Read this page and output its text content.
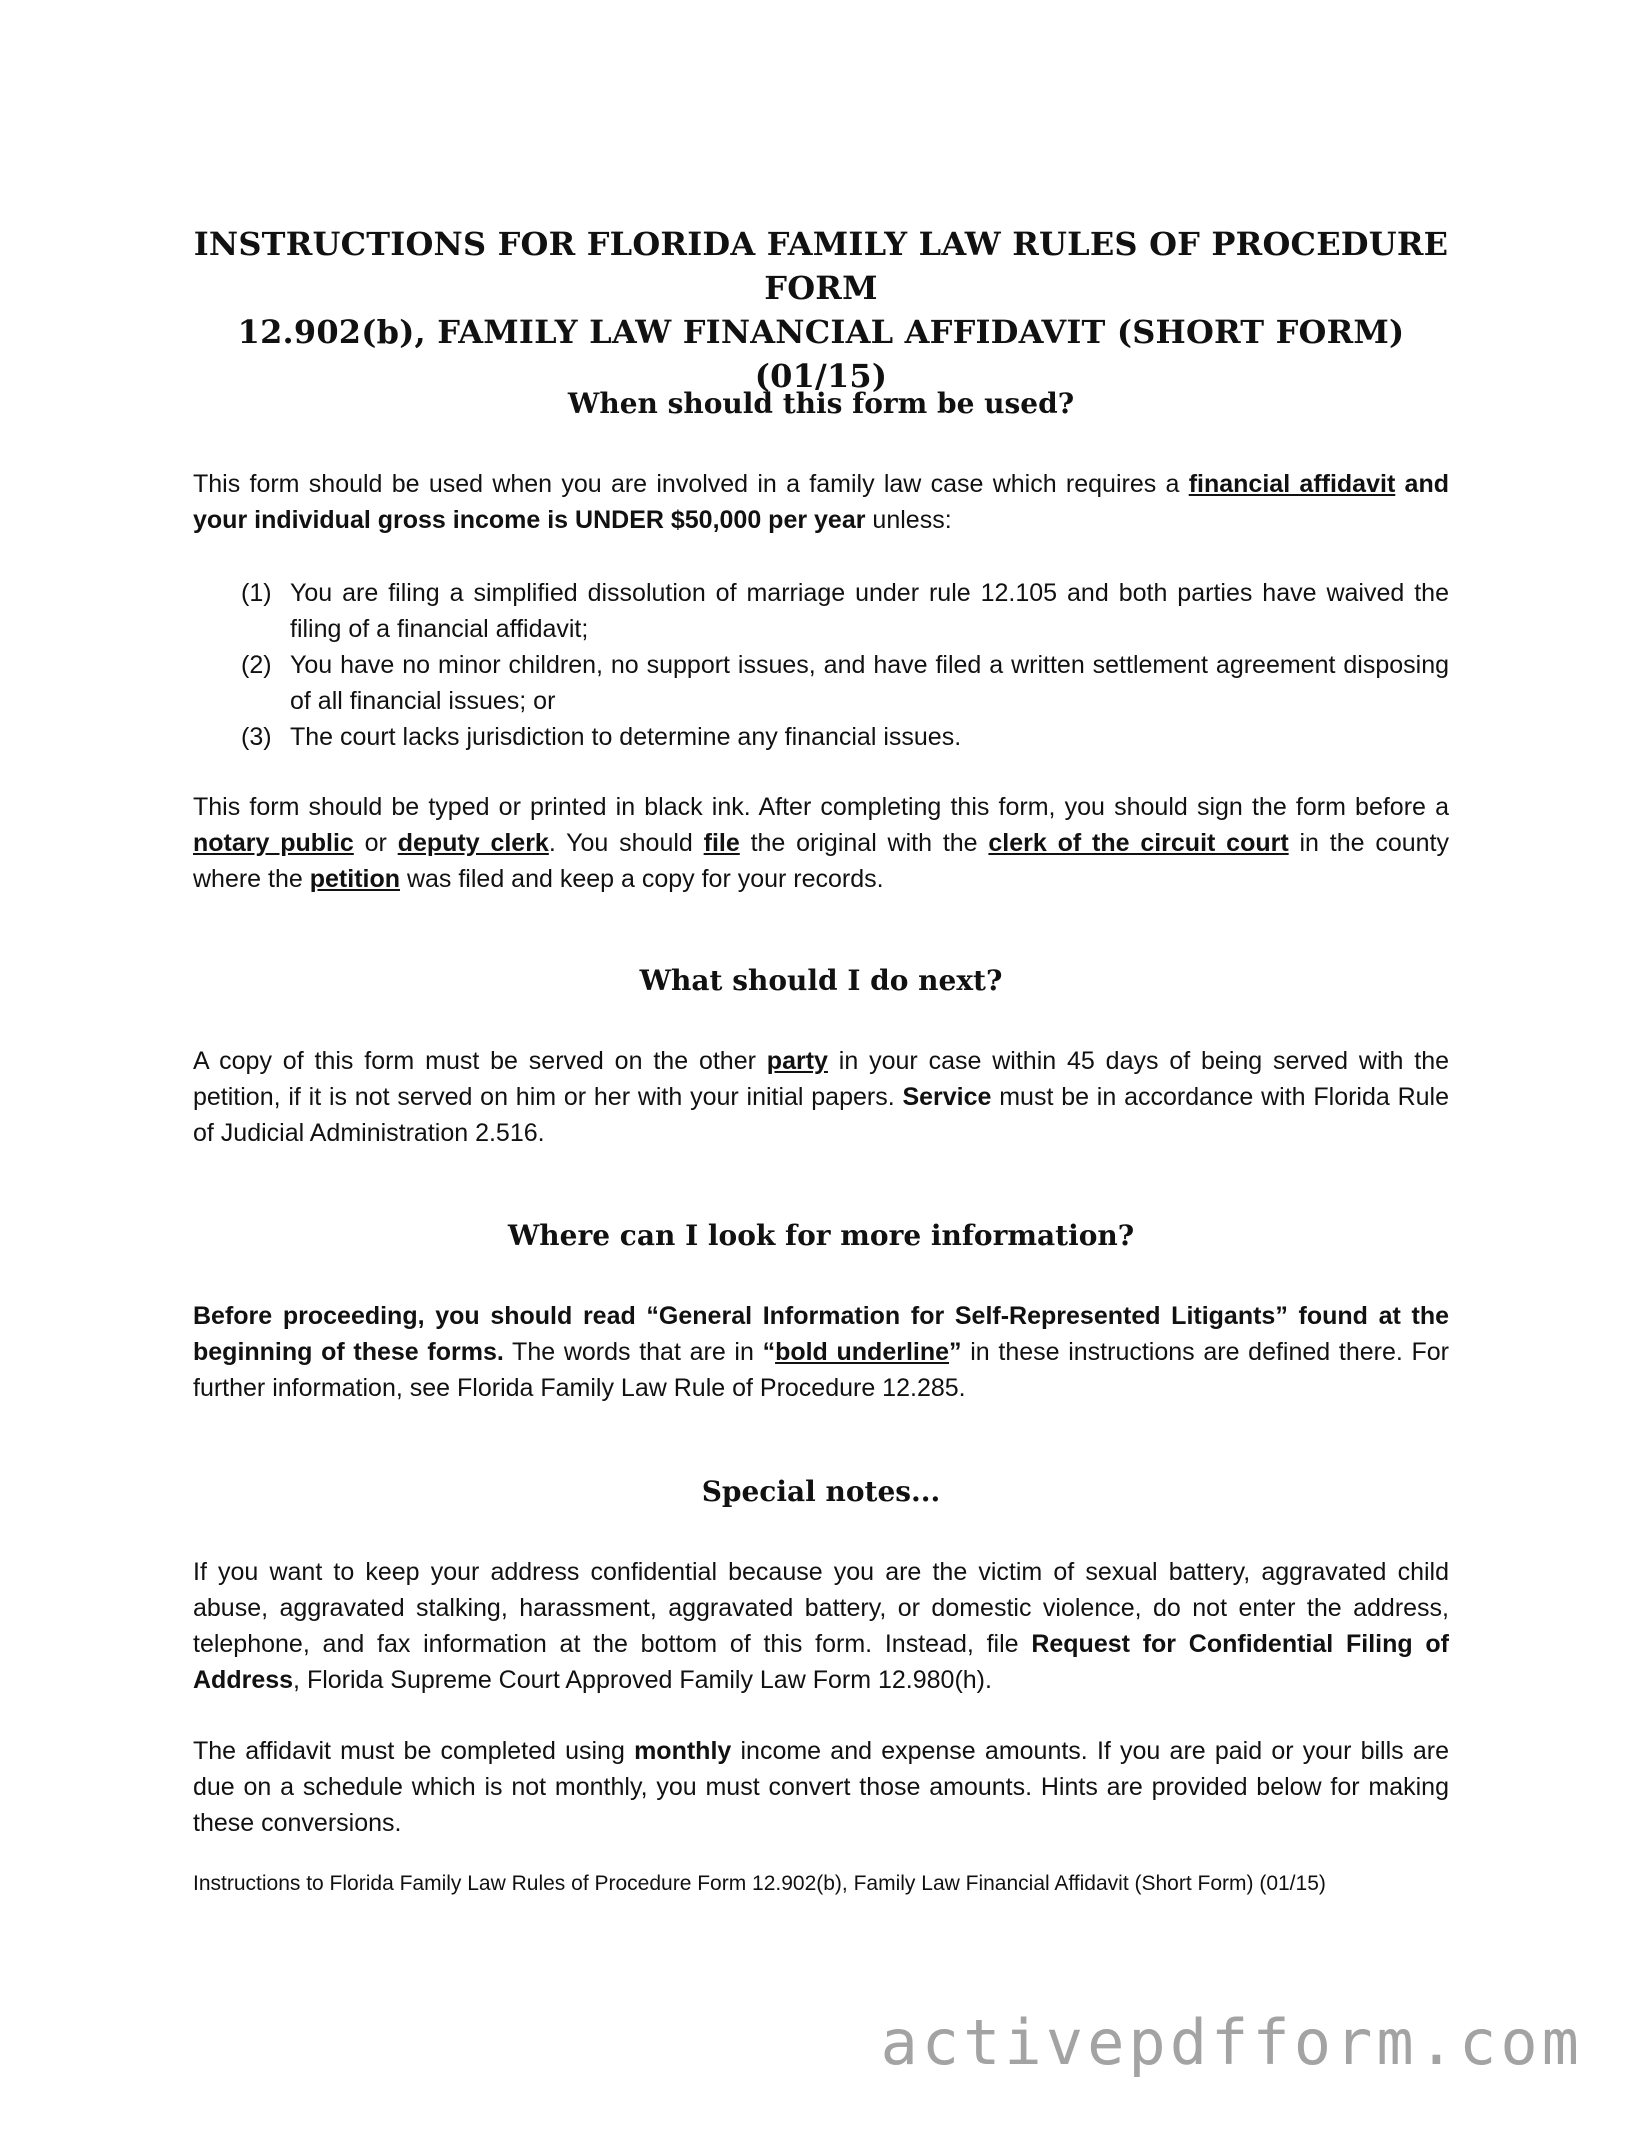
INSTRUCTIONS FOR FLORIDA FAMILY LAW RULES OF PROCEDURE FORM
12.902(b), FAMILY LAW FINANCIAL AFFIDAVIT (SHORT FORM) (01/15)
When should this form be used?

This form should be used when you are involved in a family law case which requires a financial affidavit and your individual gross income is UNDER $50,000 per year unless:

(1) You are filing a simplified dissolution of marriage under rule 12.105 and both parties have waived the filing of a financial affidavit;
(2) You have no minor children, no support issues, and have filed a written settlement agreement disposing of all financial issues; or
(3) The court lacks jurisdiction to determine any financial issues.

This form should be typed or printed in black ink. After completing this form, you should sign the form before a notary public or deputy clerk. You should file the original with the clerk of the circuit court in the county where the petition was filed and keep a copy for your records.

What should I do next?

A copy of this form must be served on the other party in your case within 45 days of being served with the petition, if it is not served on him or her with your initial papers. Service must be in accordance with Florida Rule of Judicial Administration 2.516.

Where can I look for more information?

Before proceeding, you should read “General Information for Self-Represented Litigants” found at the beginning of these forms. The words that are in “bold underline” in these instructions are defined there. For further information, see Florida Family Law Rule of Procedure 12.285.

Special notes...

If you want to keep your address confidential because you are the victim of sexual battery, aggravated child abuse, aggravated stalking, harassment, aggravated battery, or domestic violence, do not enter the address, telephone, and fax information at the bottom of this form. Instead, file Request for Confidential Filing of Address, Florida Supreme Court Approved Family Law Form 12.980(h).

The affidavit must be completed using monthly income and expense amounts. If you are paid or your bills are due on a schedule which is not monthly, you must convert those amounts. Hints are provided below for making these conversions.

Instructions to Florida Family Law Rules of Procedure Form 12.902(b), Family Law Financial Affidavit (Short Form) (01/15)
activepdfform.com
